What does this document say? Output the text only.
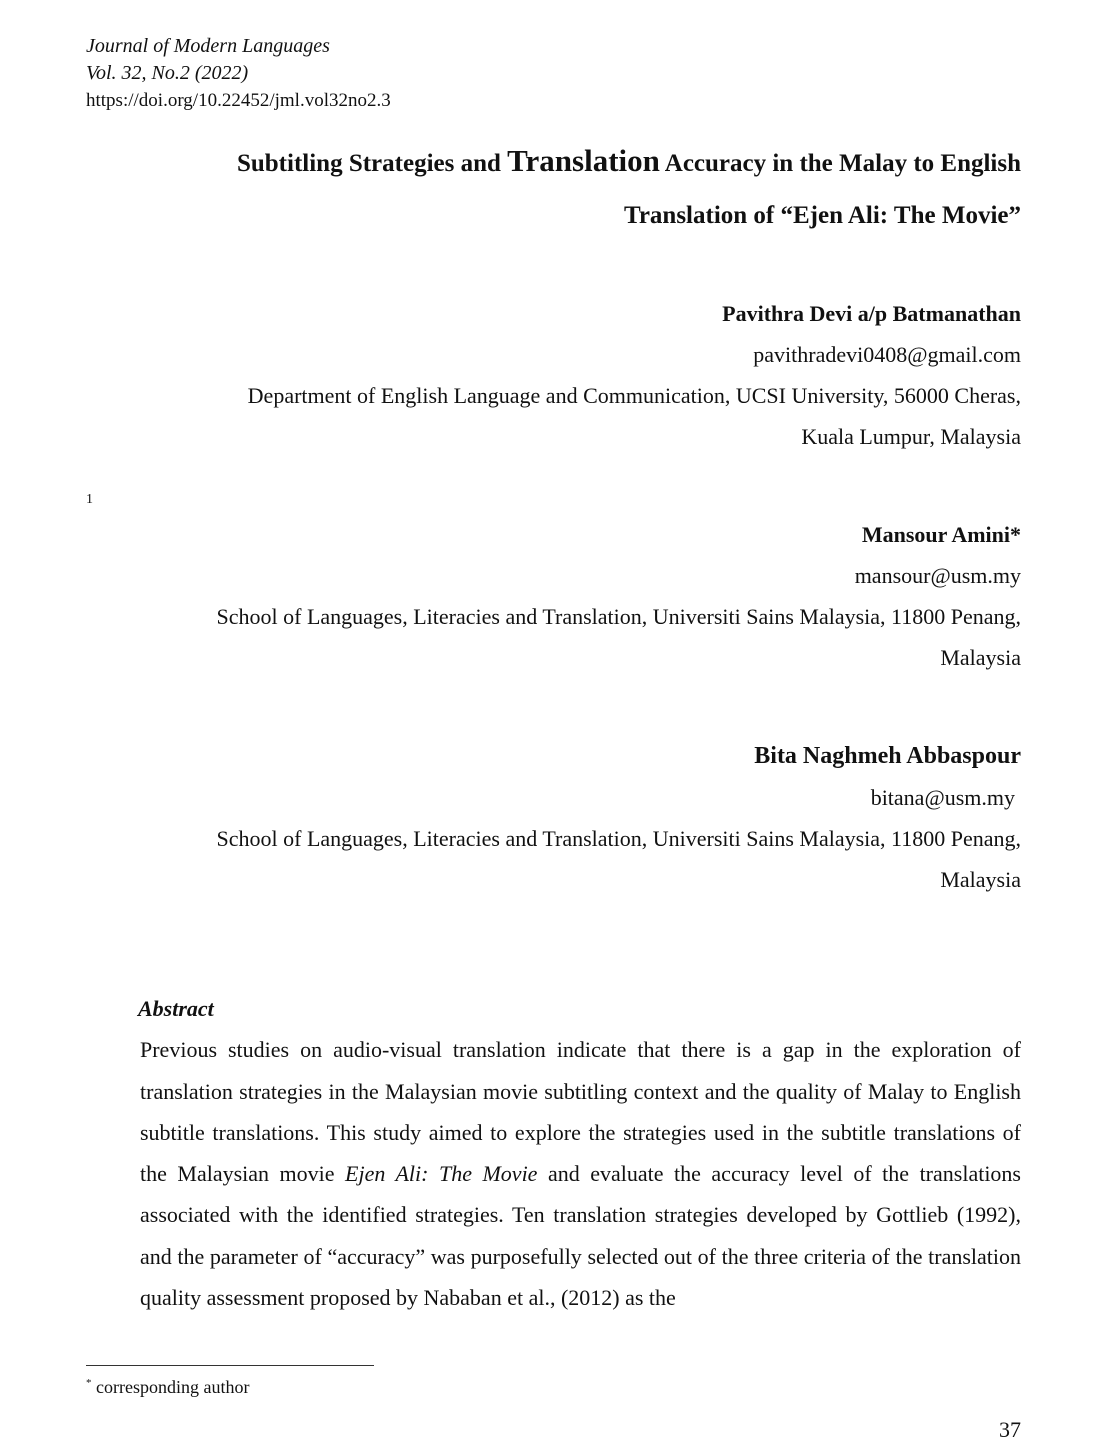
Journal of Modern Languages
Vol. 32, No.2 (2022)
https://doi.org/10.22452/jml.vol32no2.3
Subtitling Strategies and Translation Accuracy in the Malay to English
Translation of “Ejen Ali: The Movie”
Pavithra Devi a/p Batmanathan
pavithradevi0408@gmail.com
Department of English Language and Communication, UCSI University, 56000 Cheras,
Kuala Lumpur, Malaysia
1
Mansour Amini*
mansour@usm.my
School of Languages, Literacies and Translation, Universiti Sains Malaysia, 11800 Penang,
Malaysia
Bita Naghmeh Abbaspour
bitana@usm.my
School of Languages, Literacies and Translation, Universiti Sains Malaysia, 11800 Penang,
Malaysia
Abstract
Previous studies on audio-visual translation indicate that there is a gap in the exploration of translation strategies in the Malaysian movie subtitling context and the quality of Malay to English subtitle translations. This study aimed to explore the strategies used in the subtitle translations of the Malaysian movie Ejen Ali: The Movie and evaluate the accuracy level of the translations associated with the identified strategies. Ten translation strategies developed by Gottlieb (1992), and the parameter of “accuracy” was purposefully selected out of the three criteria of the translation quality assessment proposed by Nababan et al., (2012) as the
* corresponding author
37
